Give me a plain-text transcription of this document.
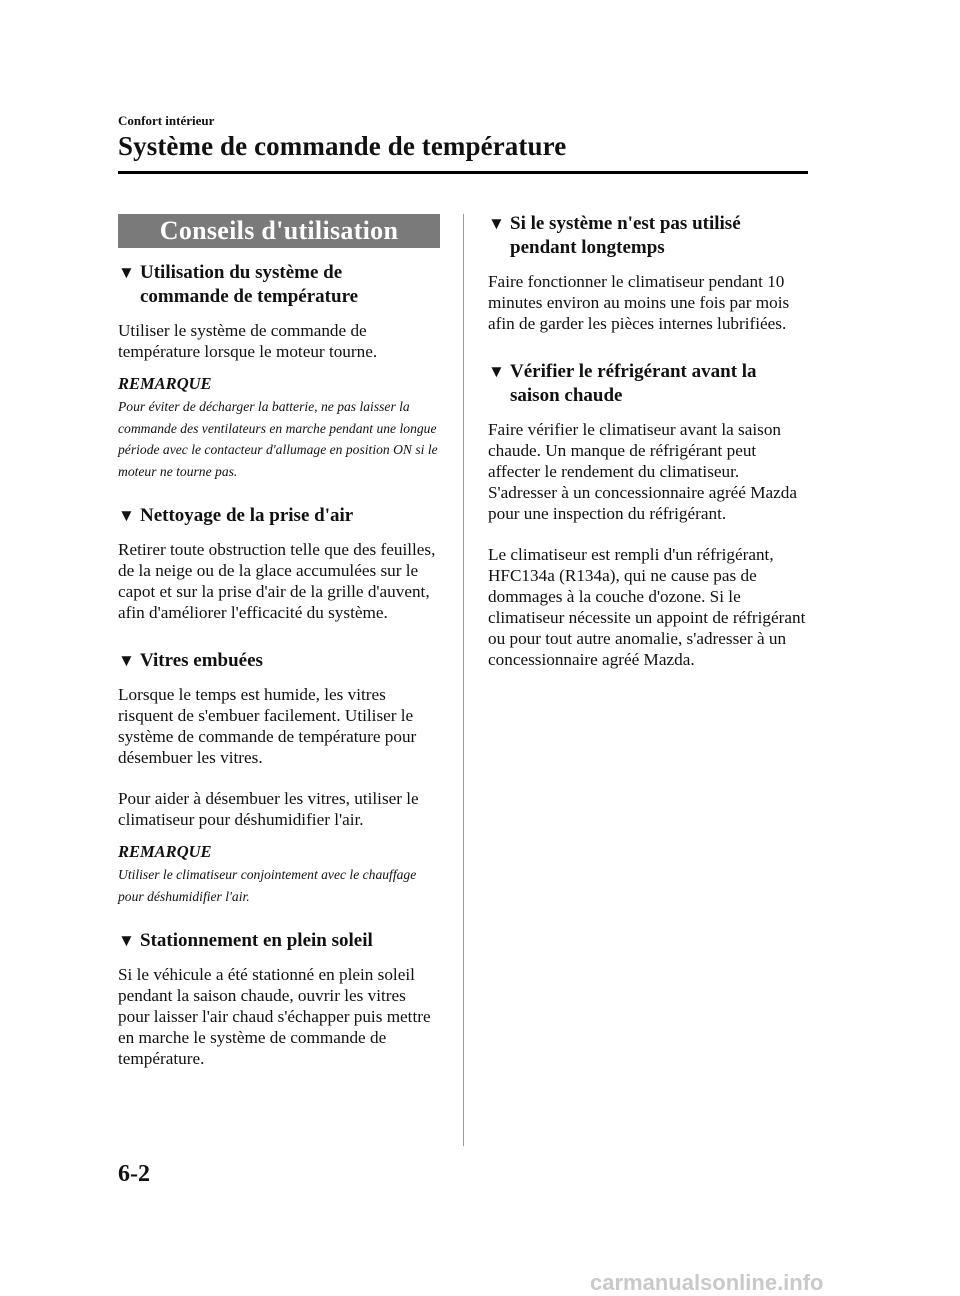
Confort intérieur
Système de commande de température
Conseils d'utilisation
▼ Utilisation du système de
commande de température

Utiliser le système de commande de température lorsque le moteur tourne.

REMARQUE

Pour éviter de décharger la batterie, ne pas laisser la commande des ventilateurs en marche pendant une longue période avec le contacteur d'allumage en position ON si le moteur ne tourne pas.

▼ Nettoyage de la prise d'air

Retirer toute obstruction telle que des feuilles, de la neige ou de la glace accumulées sur le capot et sur la prise d'air de la grille d'auvent, afin d'améliorer l'efficacité du système.

▼ Vitres embuées

Lorsque le temps est humide, les vitres risquent de s'embuer facilement. Utiliser le système de commande de température pour désembuer les vitres.

Pour aider à désembuer les vitres, utiliser le climatiseur pour déshumidifier l'air.

REMARQUE

Utiliser le climatiseur conjointement avec le chauffage pour déshumidifier l'air.

▼ Stationnement en plein soleil

Si le véhicule a été stationné en plein soleil pendant la saison chaude, ouvrir les vitres pour laisser l'air chaud s'échapper puis mettre en marche le système de commande de température.

▼ Si le système n'est pas utilisé
pendant longtemps

Faire fonctionner le climatiseur pendant 10 minutes environ au moins une fois par mois afin de garder les pièces internes lubrifiées.

▼ Vérifier le réfrigérant avant la
saison chaude

Faire vérifier le climatiseur avant la saison chaude. Un manque de réfrigérant peut affecter le rendement du climatiseur. S'adresser à un concessionnaire agréé Mazda pour une inspection du réfrigérant.

Le climatiseur est rempli d'un réfrigérant, HFC134a (R134a), qui ne cause pas de dommages à la couche d'ozone. Si le climatiseur nécessite un appoint de réfrigérant ou pour tout autre anomalie, s'adresser à un concessionnaire agréé Mazda.

6-2
carmanualsonline.info
